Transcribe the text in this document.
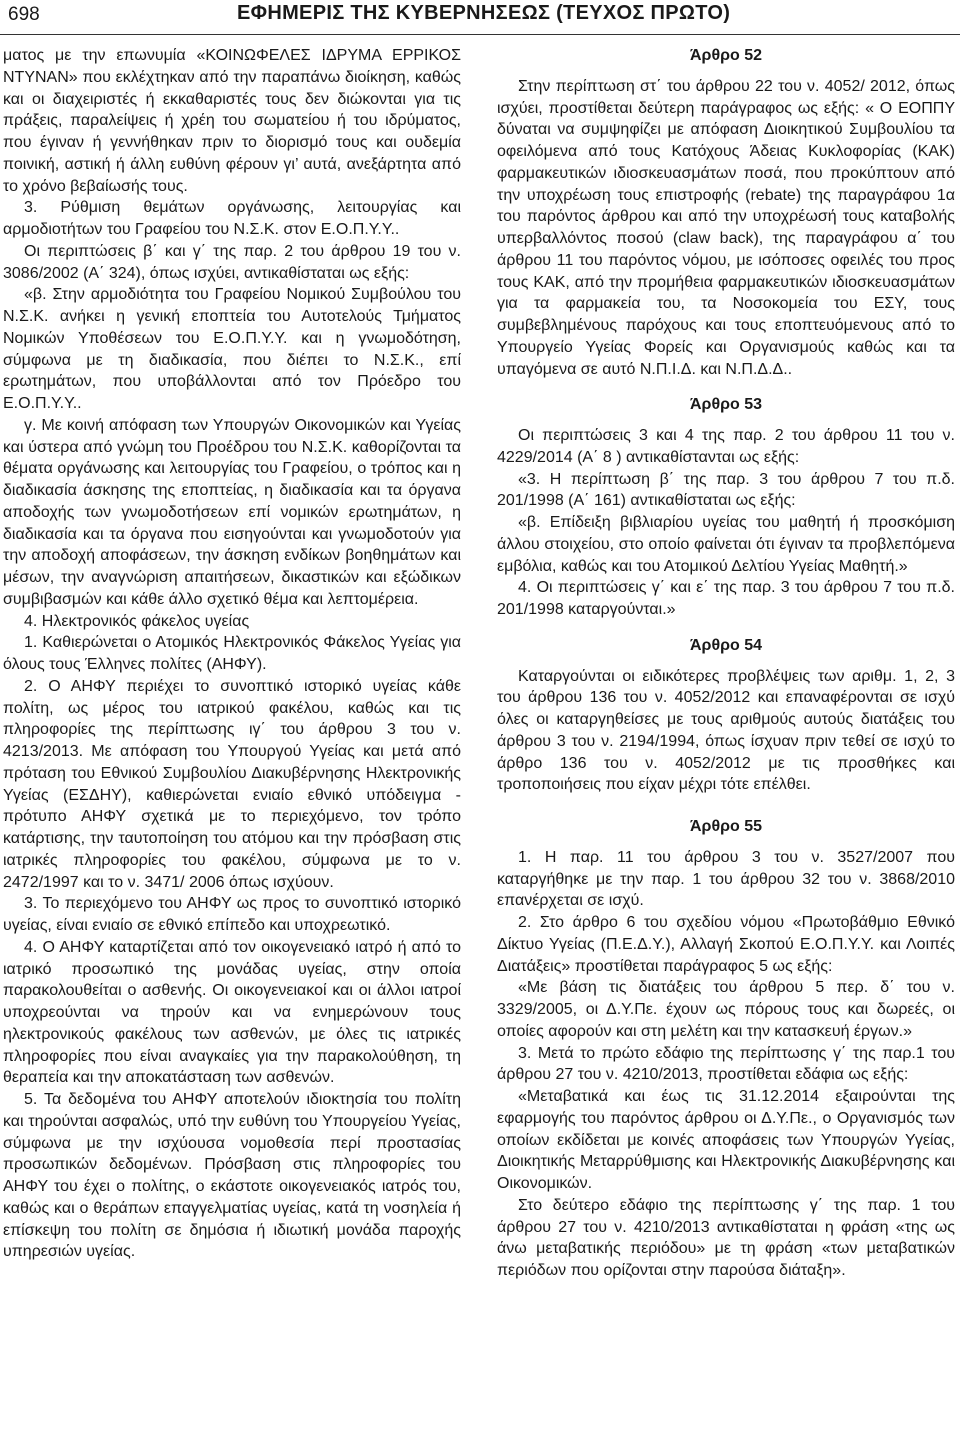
698	ΕΦΗΜΕΡΙΣ ΤΗΣ ΚΥΒΕΡΝΗΣΕΩΣ (ΤΕΥΧΟΣ ΠΡΩΤΟ)

ματος με την επωνυμία «ΚΟΙΝΩΦΕΛΕΣ ΙΔΡΥΜΑ ΕΡΡΙΚΟΣ ΝΤΥΝΑΝ» που εκλέχτηκαν από την παραπάνω διοίκηση, καθώς και οι διαχειριστές ή εκκαθαριστές τους δεν διώκονται για τις πράξεις, παραλείψεις ή χρέη του σωματείου ή του ιδρύματος, που έγιναν ή γεννήθηκαν πριν το διορισμό τους και ουδεμία ποινική, αστική ή άλλη ευθύνη φέρουν γι’ αυτά, ανεξάρτητα από το χρόνο βεβαίωσής τους.

3. Ρύθμιση θεμάτων οργάνωσης, λειτουργίας και αρμοδιοτήτων του Γραφείου του Ν.Σ.Κ. στον Ε.Ο.Π.Υ.Υ..

Οι περιπτώσεις β΄ και γ΄ της παρ. 2 του άρθρου 19 του ν. 3086/2002 (Α΄ 324), όπως ισχύει, αντικαθίσταται ως εξής:

«β. Στην αρμοδιότητα του Γραφείου Νομικού Συμβούλου του Ν.Σ.Κ. ανήκει η γενική εποπτεία του Αυτοτελούς Τμήματος Νομικών Υποθέσεων του Ε.Ο.Π.Υ.Υ. και η γνωμοδότηση, σύμφωνα με τη διαδικασία, που διέπει το Ν.Σ.Κ., επί ερωτημάτων, που υποβάλλονται από τον Πρόεδρο του Ε.Ο.Π.Υ.Υ..

γ. Με κοινή απόφαση των Υπουργών Οικονομικών και Υγείας και ύστερα από γνώμη του Προέδρου του Ν.Σ.Κ. καθορίζονται τα θέματα οργάνωσης και λειτουργίας του Γραφείου, ο τρόπος και η διαδικασία άσκησης της εποπτείας, η διαδικασία και τα όργανα αποδοχής των γνωμοδοτήσεων επί νομικών ερωτημάτων, η διαδικασία και τα όργανα που εισηγούνται και γνωμοδοτούν για την αποδοχή αποφάσεων, την άσκηση ενδίκων βοηθημάτων και μέσων, την αναγνώριση απαιτήσεων, δικαστικών και εξώδικων συμβιβασμών και κάθε άλλο σχετικό θέμα και λεπτομέρεια.

4. Ηλεκτρονικός φάκελος υγείας

1. Καθιερώνεται ο Ατομικός Ηλεκτρονικός Φάκελος Υγείας για όλους τους Έλληνες πολίτες (ΑΗΦΥ).

2. Ο ΑΗΦΥ περιέχει το συνοπτικό ιστορικό υγείας κάθε πολίτη, ως μέρος του ιατρικού φακέλου, καθώς και τις πληροφορίες της περίπτωσης ιγ΄ του άρθρου 3 του ν. 4213/2013. Με απόφαση του Υπουργού Υγείας και μετά από πρόταση του Εθνικού Συμβουλίου Διακυβέρνησης Ηλεκτρονικής Υγείας (ΕΣΔΗΥ), καθιερώνεται ενιαίο εθνικό υπόδειγμα - πρότυπο ΑΗΦΥ σχετικά με το περιεχόμενο, τον τρόπο κατάρτισης, την ταυτοποίηση του ατόμου και την πρόσβαση στις ιατρικές πληροφορίες του φακέλου, σύμφωνα με το ν. 2472/1997 και το ν. 3471/ 2006 όπως ισχύουν.

3. Το περιεχόμενο του ΑΗΦΥ ως προς το συνοπτικό ιστορικό υγείας, είναι ενιαίο σε εθνικό επίπεδο και υποχρεωτικό.

4. Ο ΑΗΦΥ καταρτίζεται από τον οικογενειακό ιατρό ή από το ιατρικό προσωπικό της μονάδας υγείας, στην οποία παρακολουθείται ο ασθενής. Οι οικογενειακοί και οι άλλοι ιατροί υποχρεούνται να τηρούν και να ενημερώνουν τους ηλεκτρονικούς φακέλους των ασθενών, με όλες τις ιατρικές πληροφορίες που είναι αναγκαίες για την παρακολούθηση, τη θεραπεία και την αποκατάσταση των ασθενών.

5. Τα δεδομένα του ΑΗΦΥ αποτελούν ιδιοκτησία του πολίτη και τηρούνται ασφαλώς, υπό την ευθύνη του Υπουργείου Υγείας, σύμφωνα με την ισχύουσα νομοθεσία περί προστασίας προσωπικών δεδομένων. Πρόσβαση στις πληροφορίες του ΑΗΦΥ του έχει ο πολίτης, ο εκάστοτε οικογενειακός ιατρός του, καθώς και ο θεράπων επαγγελματίας υγείας, κατά τη νοσηλεία ή επίσκεψη του πολίτη σε δημόσια ή ιδιωτική μονάδα παροχής υπηρεσιών υγείας.

Άρθρο 52

Στην περίπτωση στ΄ του άρθρου 22 του ν. 4052/ 2012, όπως ισχύει, προστίθεται δεύτερη παράγραφος ως εξής: « Ο ΕΟΠΠΥ δύναται να συμψηφίζει με απόφαση Διοικητικού Συμβουλίου τα οφειλόμενα από τους Κατόχους Άδειας Κυκλοφορίας (ΚΑΚ) φαρμακευτικών ιδιοσκευασμάτων ποσά, που προκύπτουν από την υποχρέωση τους επιστροφής (rebate) της παραγράφου 1α του παρόντος άρθρου και από την υποχρέωσή τους καταβολής υπερβαλλόντος ποσού (claw back), της παραγράφου α΄ του άρθρου 11 του παρόντος νόμου, με ισόποσες οφειλές του προς τους ΚΑΚ, από την προμήθεια φαρμακευτικών ιδιοσκευασμάτων για τα φαρμακεία του, τα Νοσοκομεία του ΕΣΥ, τους συμβεβλημένους παρόχους και τους εποπτευόμενους από το Υπουργείο Υγείας Φορείς και Οργανισμούς καθώς και τα υπαγόμενα σε αυτό Ν.Π.Ι.Δ. και Ν.Π.Δ.Δ..

Άρθρο 53

Οι περιπτώσεις 3 και 4 της παρ. 2 του άρθρου 11 του ν. 4229/2014 (Α΄ 8 ) αντικαθίστανται ως εξής:

«3. Η περίπτωση β΄ της παρ. 3 του άρθρου 7 του π.δ. 201/1998 (Α΄ 161) αντικαθίσταται ως εξής:

«β. Επίδειξη βιβλιαρίου υγείας του μαθητή ή προσκόμιση άλλου στοιχείου, στο οποίο φαίνεται ότι έγιναν τα προβλεπόμενα εμβόλια, καθώς και του Ατομικού Δελτίου Υγείας Μαθητή.»

4. Οι περιπτώσεις γ΄ και ε΄ της παρ. 3 του άρθρου 7 του π.δ. 201/1998 καταργούνται.»

Άρθρο 54

Καταργούνται οι ειδικότερες προβλέψεις των αριθμ. 1, 2, 3 του άρθρου 136 του ν. 4052/2012 και επαναφέρονται σε ισχύ όλες οι καταργηθείσες με τους αριθμούς αυτούς διατάξεις του άρθρου 3 του ν. 2194/1994, όπως ίσχυαν πριν τεθεί σε ισχύ το άρθρο 136 του ν. 4052/2012 με τις προσθήκες και τροποποιήσεις που είχαν μέχρι τότε επέλθει.

Άρθρο 55

1. Η παρ. 11 του άρθρου 3 του ν. 3527/2007 που καταργήθηκε με την παρ. 1 του άρθρου 32 του ν. 3868/2010 επανέρχεται σε ισχύ.

2. Στο άρθρο 6 του σχεδίου νόμου «Πρωτοβάθμιο Εθνικό Δίκτυο Υγείας (Π.Ε.Δ.Υ.), Αλλαγή Σκοπού Ε.Ο.Π.Υ.Υ. και Λοιπές Διατάξεις» προστίθεται παράγραφος 5 ως εξής:

«Με βάση τις διατάξεις του άρθρου 5 περ. δ΄ του ν. 3329/2005, οι Δ.Υ.Πε. έχουν ως πόρους τους και δωρεές, οι οποίες αφορούν και στη μελέτη και την κατασκευή έργων.»

3. Μετά το πρώτο εδάφιο της περίπτωσης γ΄ της παρ.1 του άρθρου 27 του ν. 4210/2013, προστίθεται εδάφια ως εξής:

«Μεταβατικά και έως τις 31.12.2014 εξαιρούνται της εφαρμογής του παρόντος άρθρου οι Δ.Υ.Πε., ο Οργανισμός των οποίων εκδίδεται με κοινές αποφάσεις των Υπουργών Υγείας, Διοικητικής Μεταρρύθμισης και Ηλεκτρονικής Διακυβέρνησης και Οικονομικών.

Στο δεύτερο εδάφιο της περίπτωσης γ΄ της παρ. 1 του άρθρου 27 του ν. 4210/2013 αντικαθίσταται η φράση «της ως άνω μεταβατικής περιόδου» με τη φράση «των μεταβατικών περιόδων που ορίζονται στην παρούσα διάταξη».
